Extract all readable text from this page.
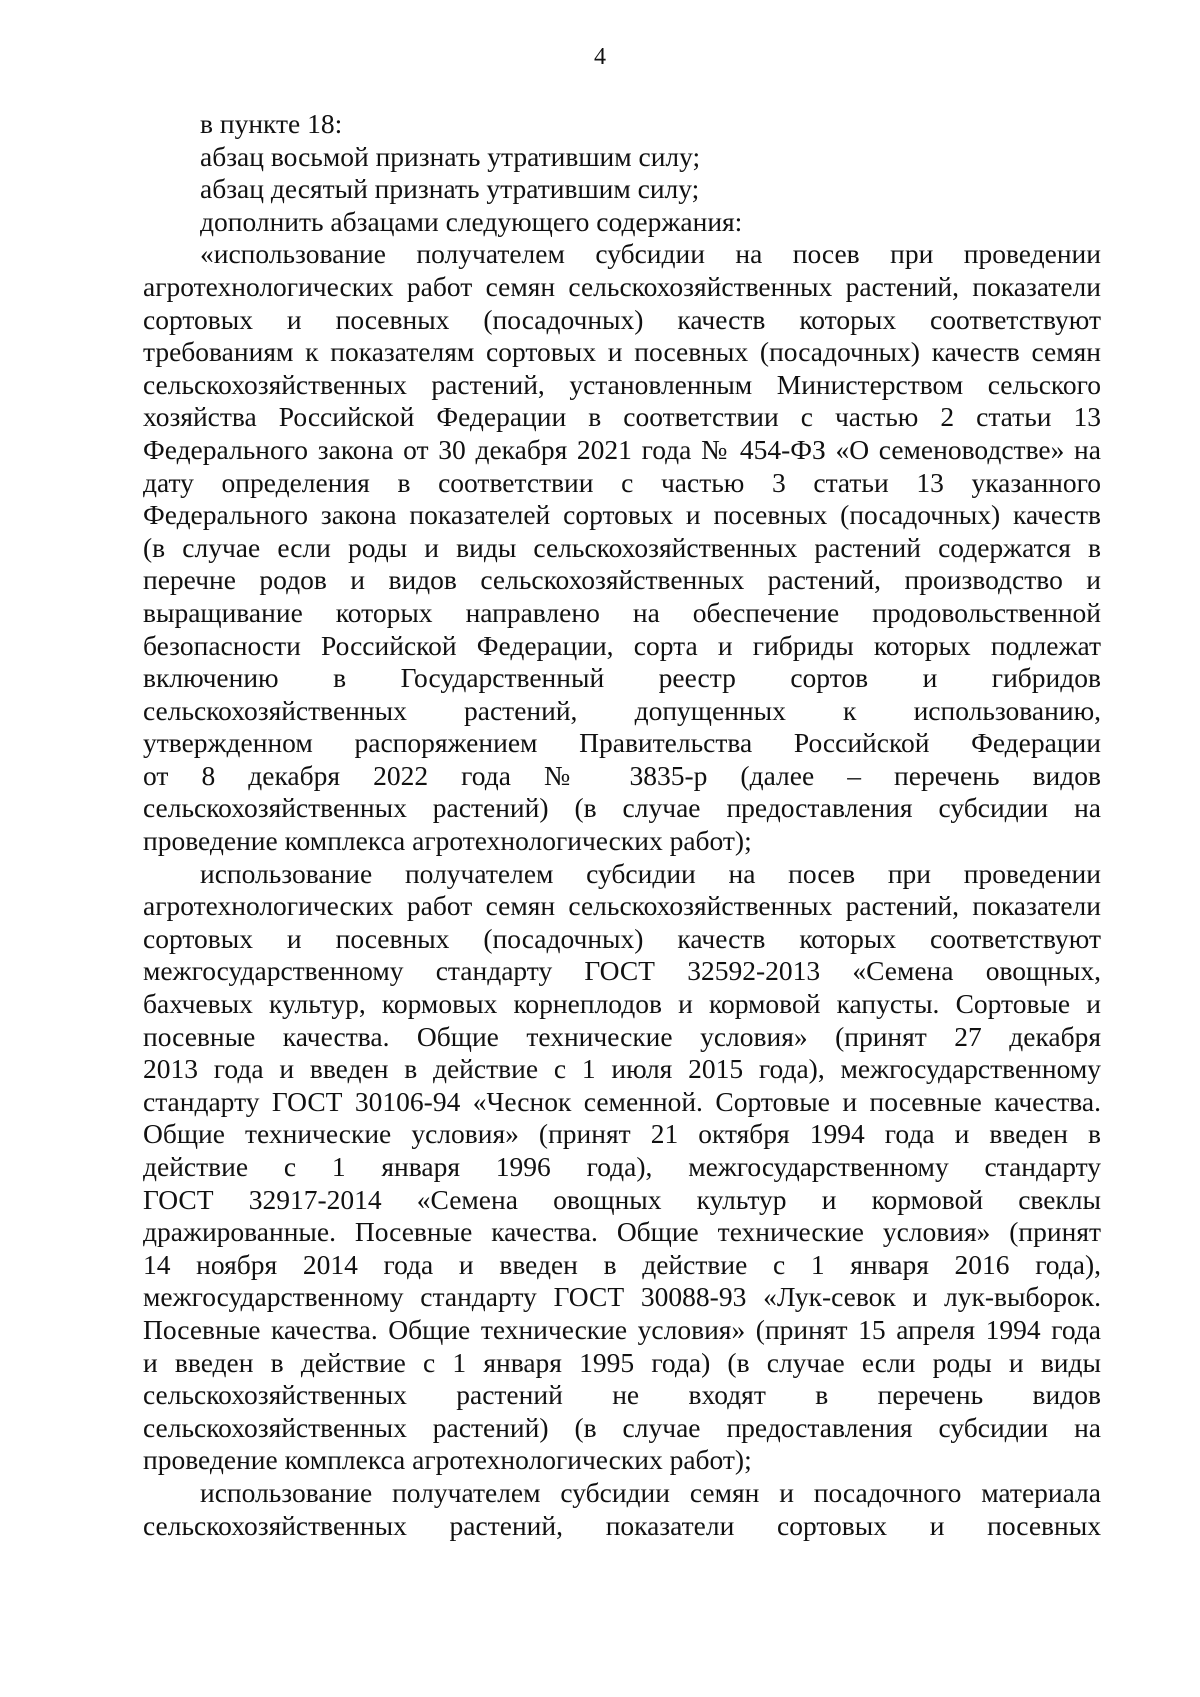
4
в пункте 18:
абзац восьмой признать утратившим силу;
абзац десятый признать утратившим силу;
дополнить абзацами следующего содержания:
«использование получателем субсидии на посев при проведении
агротехнологических работ семян сельскохозяйственных растений, показатели
сортовых и посевных (посадочных) качеств которых соответствуют
требованиям к показателям сортовых и посевных (посадочных) качеств семян
сельскохозяйственных растений, установленным Министерством сельского
хозяйства Российской Федерации в соответствии с частью 2 статьи 13
Федерального закона от 30 декабря 2021 года № 454-ФЗ «О семеноводстве» на
дату определения в соответствии с частью 3 статьи 13 указанного
Федерального закона показателей сортовых и посевных (посадочных) качеств
(в случае если роды и виды сельскохозяйственных растений содержатся в
перечне родов и видов сельскохозяйственных растений, производство и
выращивание которых направлено на обеспечение продовольственной
безопасности Российской Федерации, сорта и гибриды которых подлежат
включению в Государственный реестр сортов и гибридов
сельскохозяйственных растений, допущенных к использованию,
утвержденном распоряжением Правительства Российской Федерации
от 8 декабря 2022 года № 3835-р (далее – перечень видов
сельскохозяйственных растений) (в случае предоставления субсидии на
проведение комплекса агротехнологических работ);
использование получателем субсидии на посев при проведении
агротехнологических работ семян сельскохозяйственных растений, показатели
сортовых и посевных (посадочных) качеств которых соответствуют
межгосударственному стандарту ГОСТ 32592-2013 «Семена овощных,
бахчевых культур, кормовых корнеплодов и кормовой капусты. Сортовые и
посевные качества. Общие технические условия» (принят 27 декабря
2013 года и введен в действие с 1 июля 2015 года), межгосударственному
стандарту ГОСТ 30106-94 «Чеснок семенной. Сортовые и посевные качества.
Общие технические условия» (принят 21 октября 1994 года и введен в
действие с 1 января 1996 года), межгосударственному стандарту
ГОСТ 32917-2014 «Семена овощных культур и кормовой свеклы
дражированные. Посевные качества. Общие технические условия» (принят
14 ноября 2014 года и введен в действие с 1 января 2016 года),
межгосударственному стандарту ГОСТ 30088-93 «Лук-севок и лук-выборок.
Посевные качества. Общие технические условия» (принят 15 апреля 1994 года
и введен в действие с 1 января 1995 года) (в случае если роды и виды
сельскохозяйственных растений не входят в перечень видов
сельскохозяйственных растений) (в случае предоставления субсидии на
проведение комплекса агротехнологических работ);
использование получателем субсидии семян и посадочного материала
сельскохозяйственных растений, показатели сортовых и посевных
